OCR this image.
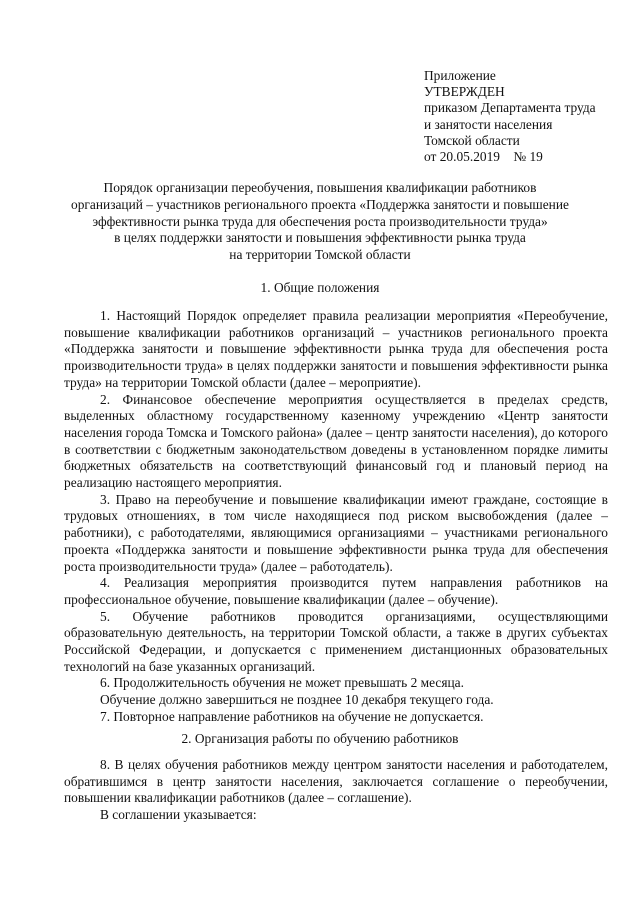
Приложение
УТВЕРЖДЕН
приказом Департамента труда
и занятости населения
Томской области
от 20.05.2019    № 19
Порядок организации переобучения, повышения квалификации работников
организаций – участников регионального проекта «Поддержка занятости и повышение
эффективности рынка труда для обеспечения роста производительности труда»
в целях поддержки занятости и повышения эффективности рынка труда
на территории Томской области
1. Общие положения

1. Настоящий Порядок определяет правила реализации мероприятия «Переобучение, повышение квалификации работников организаций – участников регионального проекта «Поддержка занятости и повышение эффективности рынка труда для обеспечения роста производительности труда» в целях поддержки занятости и повышения эффективности рынка труда» на территории Томской области (далее – мероприятие).

2. Финансовое обеспечение мероприятия осуществляется в пределах средств, выделенных областному государственному казенному учреждению «Центр занятости населения города Томска и Томского района» (далее – центр занятости населения), до которого в соответствии с бюджетным законодательством доведены в установленном порядке лимиты бюджетных обязательств на соответствующий финансовый год и плановый период на реализацию настоящего мероприятия.

3. Право на переобучение и повышение квалификации имеют граждане, состоящие в трудовых отношениях, в том числе находящиеся под риском высвобождения (далее – работники), с работодателями, являющимися организациями – участниками регионального проекта «Поддержка занятости и повышение эффективности рынка труда для обеспечения роста производительности труда» (далее – работодатель).

4. Реализация мероприятия производится путем направления работников на профессиональное обучение, повышение квалификации (далее – обучение).

5. Обучение работников проводится организациями, осуществляющими образовательную деятельность, на территории Томской области, а также в других субъектах Российской Федерации, и допускается с применением дистанционных образовательных технологий на базе указанных организаций.

6. Продолжительность обучения не может превышать 2 месяца.

Обучение должно завершиться не позднее 10 декабря текущего года.

7. Повторное направление работников на обучение не допускается.

2. Организация работы по обучению работников

8. В целях обучения работников между центром занятости населения и работодателем, обратившимся в центр занятости населения, заключается соглашение о переобучении, повышении квалификации работников (далее – соглашение).

В соглашении указывается:
